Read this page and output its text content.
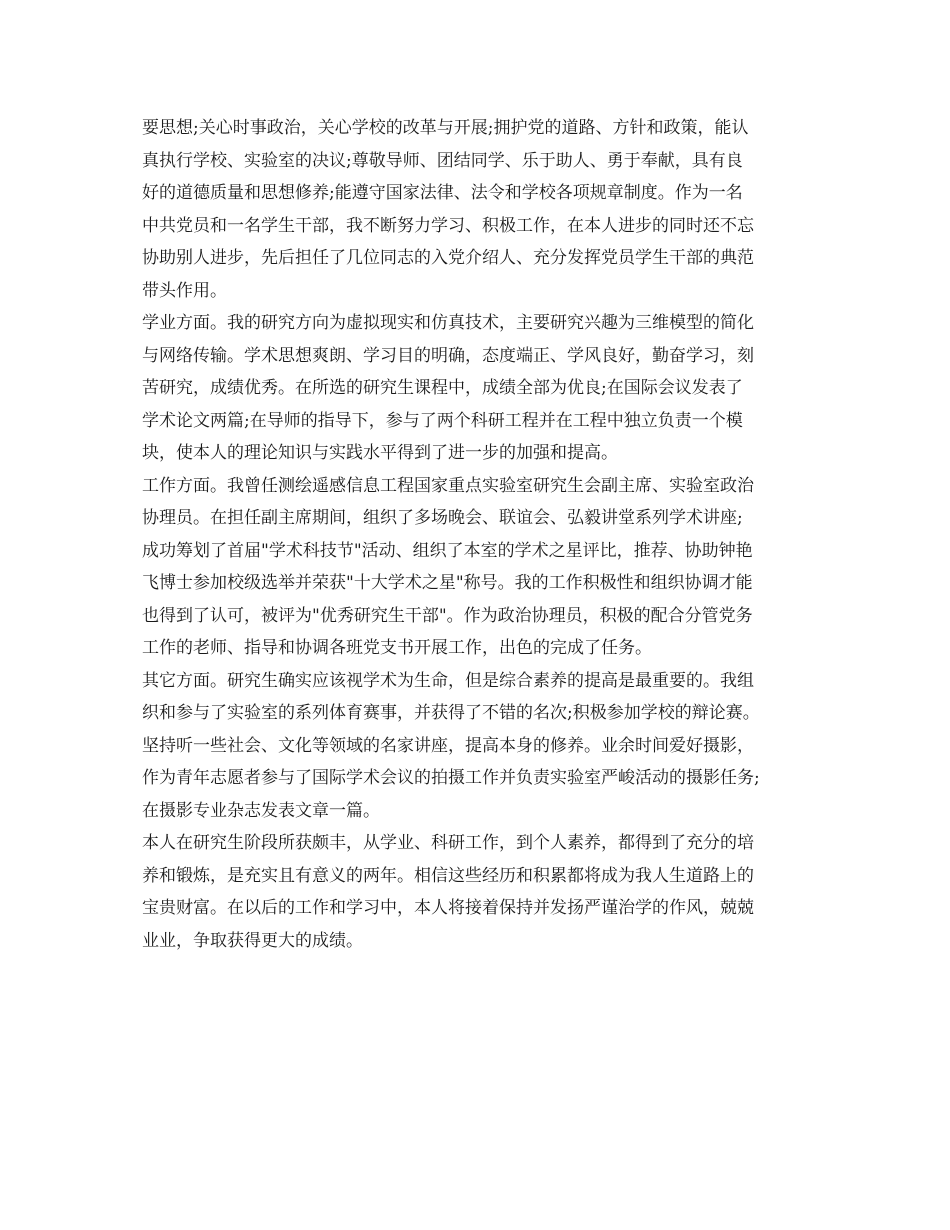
要思想;关心时事政治，关心学校的改革与开展;拥护党的道路、方针和政策，能认
真执行学校、实验室的决议;尊敬导师、团结同学、乐于助人、勇于奉献，具有良
好的道德质量和思想修养;能遵守国家法律、法令和学校各项规章制度。作为一名
中共党员和一名学生干部，我不断努力学习、积极工作，在本人进步的同时还不忘
协助别人进步，先后担任了几位同志的入党介绍人、充分发挥党员学生干部的典范
带头作用。
学业方面。我的研究方向为虚拟现实和仿真技术，主要研究兴趣为三维模型的简化
与网络传输。学术思想爽朗、学习目的明确，态度端正、学风良好，勤奋学习，刻
苦研究，成绩优秀。在所选的研究生课程中，成绩全部为优良;在国际会议发表了
学术论文两篇;在导师的指导下，参与了两个科研工程并在工程中独立负责一个模
块，使本人的理论知识与实践水平得到了进一步的加强和提高。
工作方面。我曾任测绘遥感信息工程国家重点实验室研究生会副主席、实验室政治
协理员。在担任副主席期间，组织了多场晚会、联谊会、弘毅讲堂系列学术讲座;
成功筹划了首届"学术科技节"活动、组织了本室的学术之星评比，推荐、协助钟艳
飞博士参加校级选举并荣获"十大学术之星"称号。我的工作积极性和组织协调才能
也得到了认可，被评为"优秀研究生干部"。作为政治协理员，积极的配合分管党务
工作的老师、指导和协调各班党支书开展工作，出色的完成了任务。
其它方面。研究生确实应该视学术为生命，但是综合素养的提高是最重要的。我组
织和参与了实验室的系列体育赛事，并获得了不错的名次;积极参加学校的辩论赛。
坚持听一些社会、文化等领域的名家讲座，提高本身的修养。业余时间爱好摄影，
作为青年志愿者参与了国际学术会议的拍摄工作并负责实验室严峻活动的摄影任务;
在摄影专业杂志发表文章一篇。
本人在研究生阶段所获颇丰，从学业、科研工作，到个人素养，都得到了充分的培
养和锻炼，是充实且有意义的两年。相信这些经历和积累都将成为我人生道路上的
宝贵财富。在以后的工作和学习中，本人将接着保持并发扬严谨治学的作风，兢兢
业业，争取获得更大的成绩。
